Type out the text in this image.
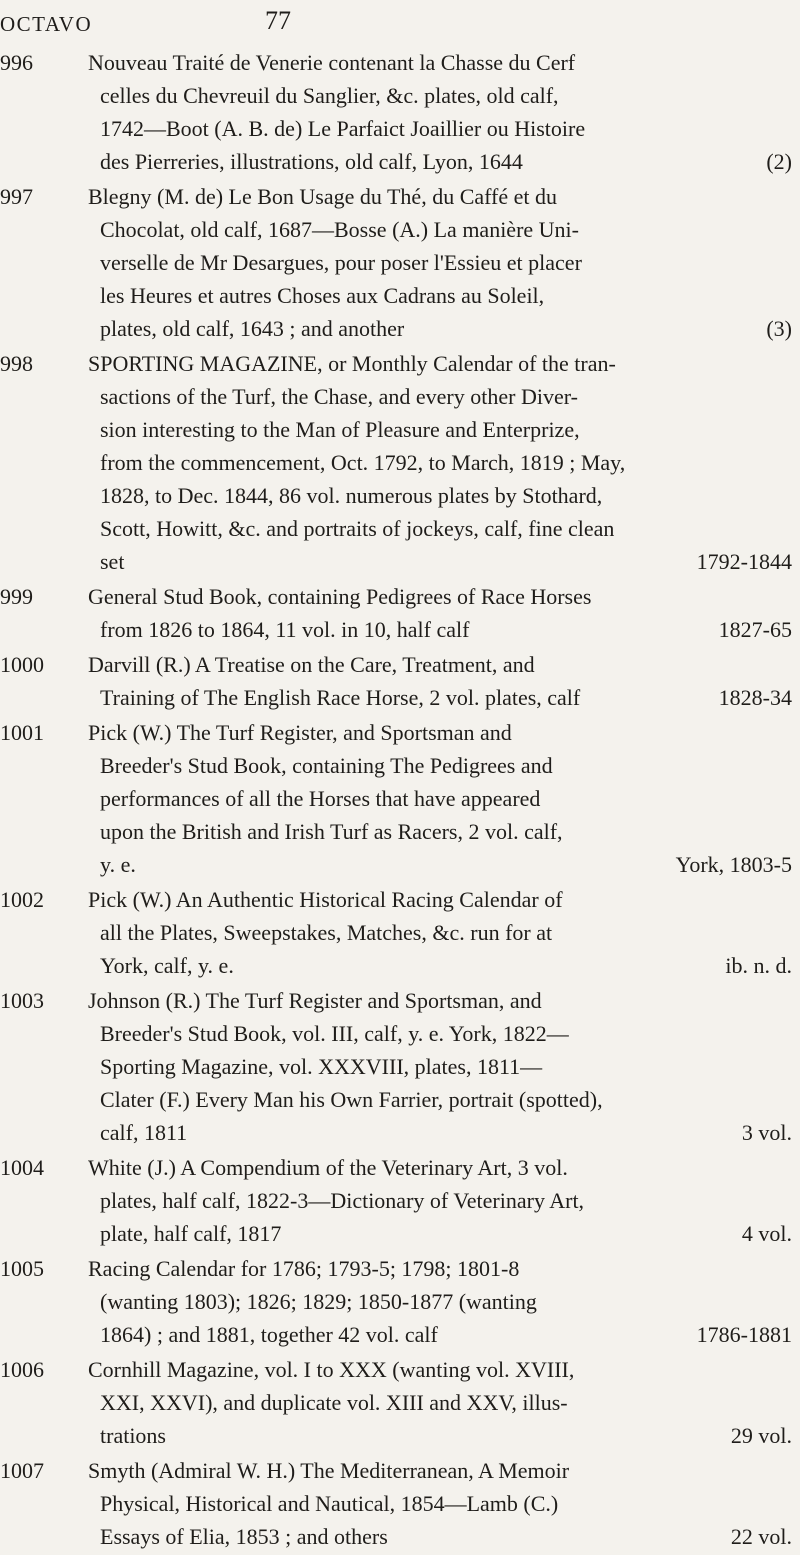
OCTAVO	77
996	Nouveau Traité de Venerie contenant la Chasse du Cerf
celles du Chevreuil du Sanglier, &c. plates, old calf,
1742—Boot (A. B. de) Le Parfaict Joaillier ou Histoire
des Pierreries, illustrations, old calf, Lyon, 1644	(2)
997	Blegny (M. de) Le Bon Usage du Thé, du Caffé et du
Chocolat, old calf, 1687—Bosse (A.) La manière Uni-
verselle de Mr Desargues, pour poser l'Essieu et placer
les Heures et autres Choses aux Cadrans au Soleil,
plates, old calf, 1643 ; and another	(3)
998	SPORTING MAGAZINE, or Monthly Calendar of the tran-
sactions of the Turf, the Chase, and every other Diver-
sion interesting to the Man of Pleasure and Enterprize,
from the commencement, Oct. 1792, to March, 1819 ; May,
1828, to Dec. 1844, 86 vol. numerous plates by Stothard,
Scott, Howitt, &c. and portraits of jockeys, calf, fine clean
set	1792-1844
999	General Stud Book, containing Pedigrees of Race Horses
from 1826 to 1864, 11 vol. in 10, half calf	1827-65
1000 Darvill (R.) A Treatise on the Care, Treatment, and
Training of The English Race Horse, 2 vol. plates, calf	1828-34
1001 Pick (W.) The Turf Register, and Sportsman and
Breeder's Stud Book, containing The Pedigrees and
performances of all the Horses that have appeared
upon the British and Irish Turf as Racers, 2 vol. calf,
y. e.	York, 1803-5
1002 Pick (W.) An Authentic Historical Racing Calendar of
all the Plates, Sweepstakes, Matches, &c. run for at
York, calf, y. e.	ib. n. d.
1003 Johnson (R.) The Turf Register and Sportsman, and
Breeder's Stud Book, vol. III, calf, y. e. York, 1822—
Sporting Magazine, vol. XXXVIII, plates, 1811—
Clater (F.) Every Man his Own Farrier, portrait (spotted),
calf, 1811	3 vol.
1004 White (J.) A Compendium of the Veterinary Art, 3 vol.
plates, half calf, 1822-3—Dictionary of Veterinary Art,
plate, half calf, 1817	4 vol.
1005 Racing Calendar for 1786; 1793-5; 1798; 1801-8
(wanting 1803); 1826; 1829; 1850-1877 (wanting
1864) ; and 1881, together 42 vol. calf	1786-1881
1006 Cornhill Magazine, vol. I to XXX (wanting vol. XVIII,
XXI, XXVI), and duplicate vol. XIII and XXV, illus-
trations	29 vol.
1007 Smyth (Admiral W. H.) The Mediterranean, A Memoir
Physical, Historical and Nautical, 1854—Lamb (C.)
Essays of Elia, 1853 ; and others	22 vol.
